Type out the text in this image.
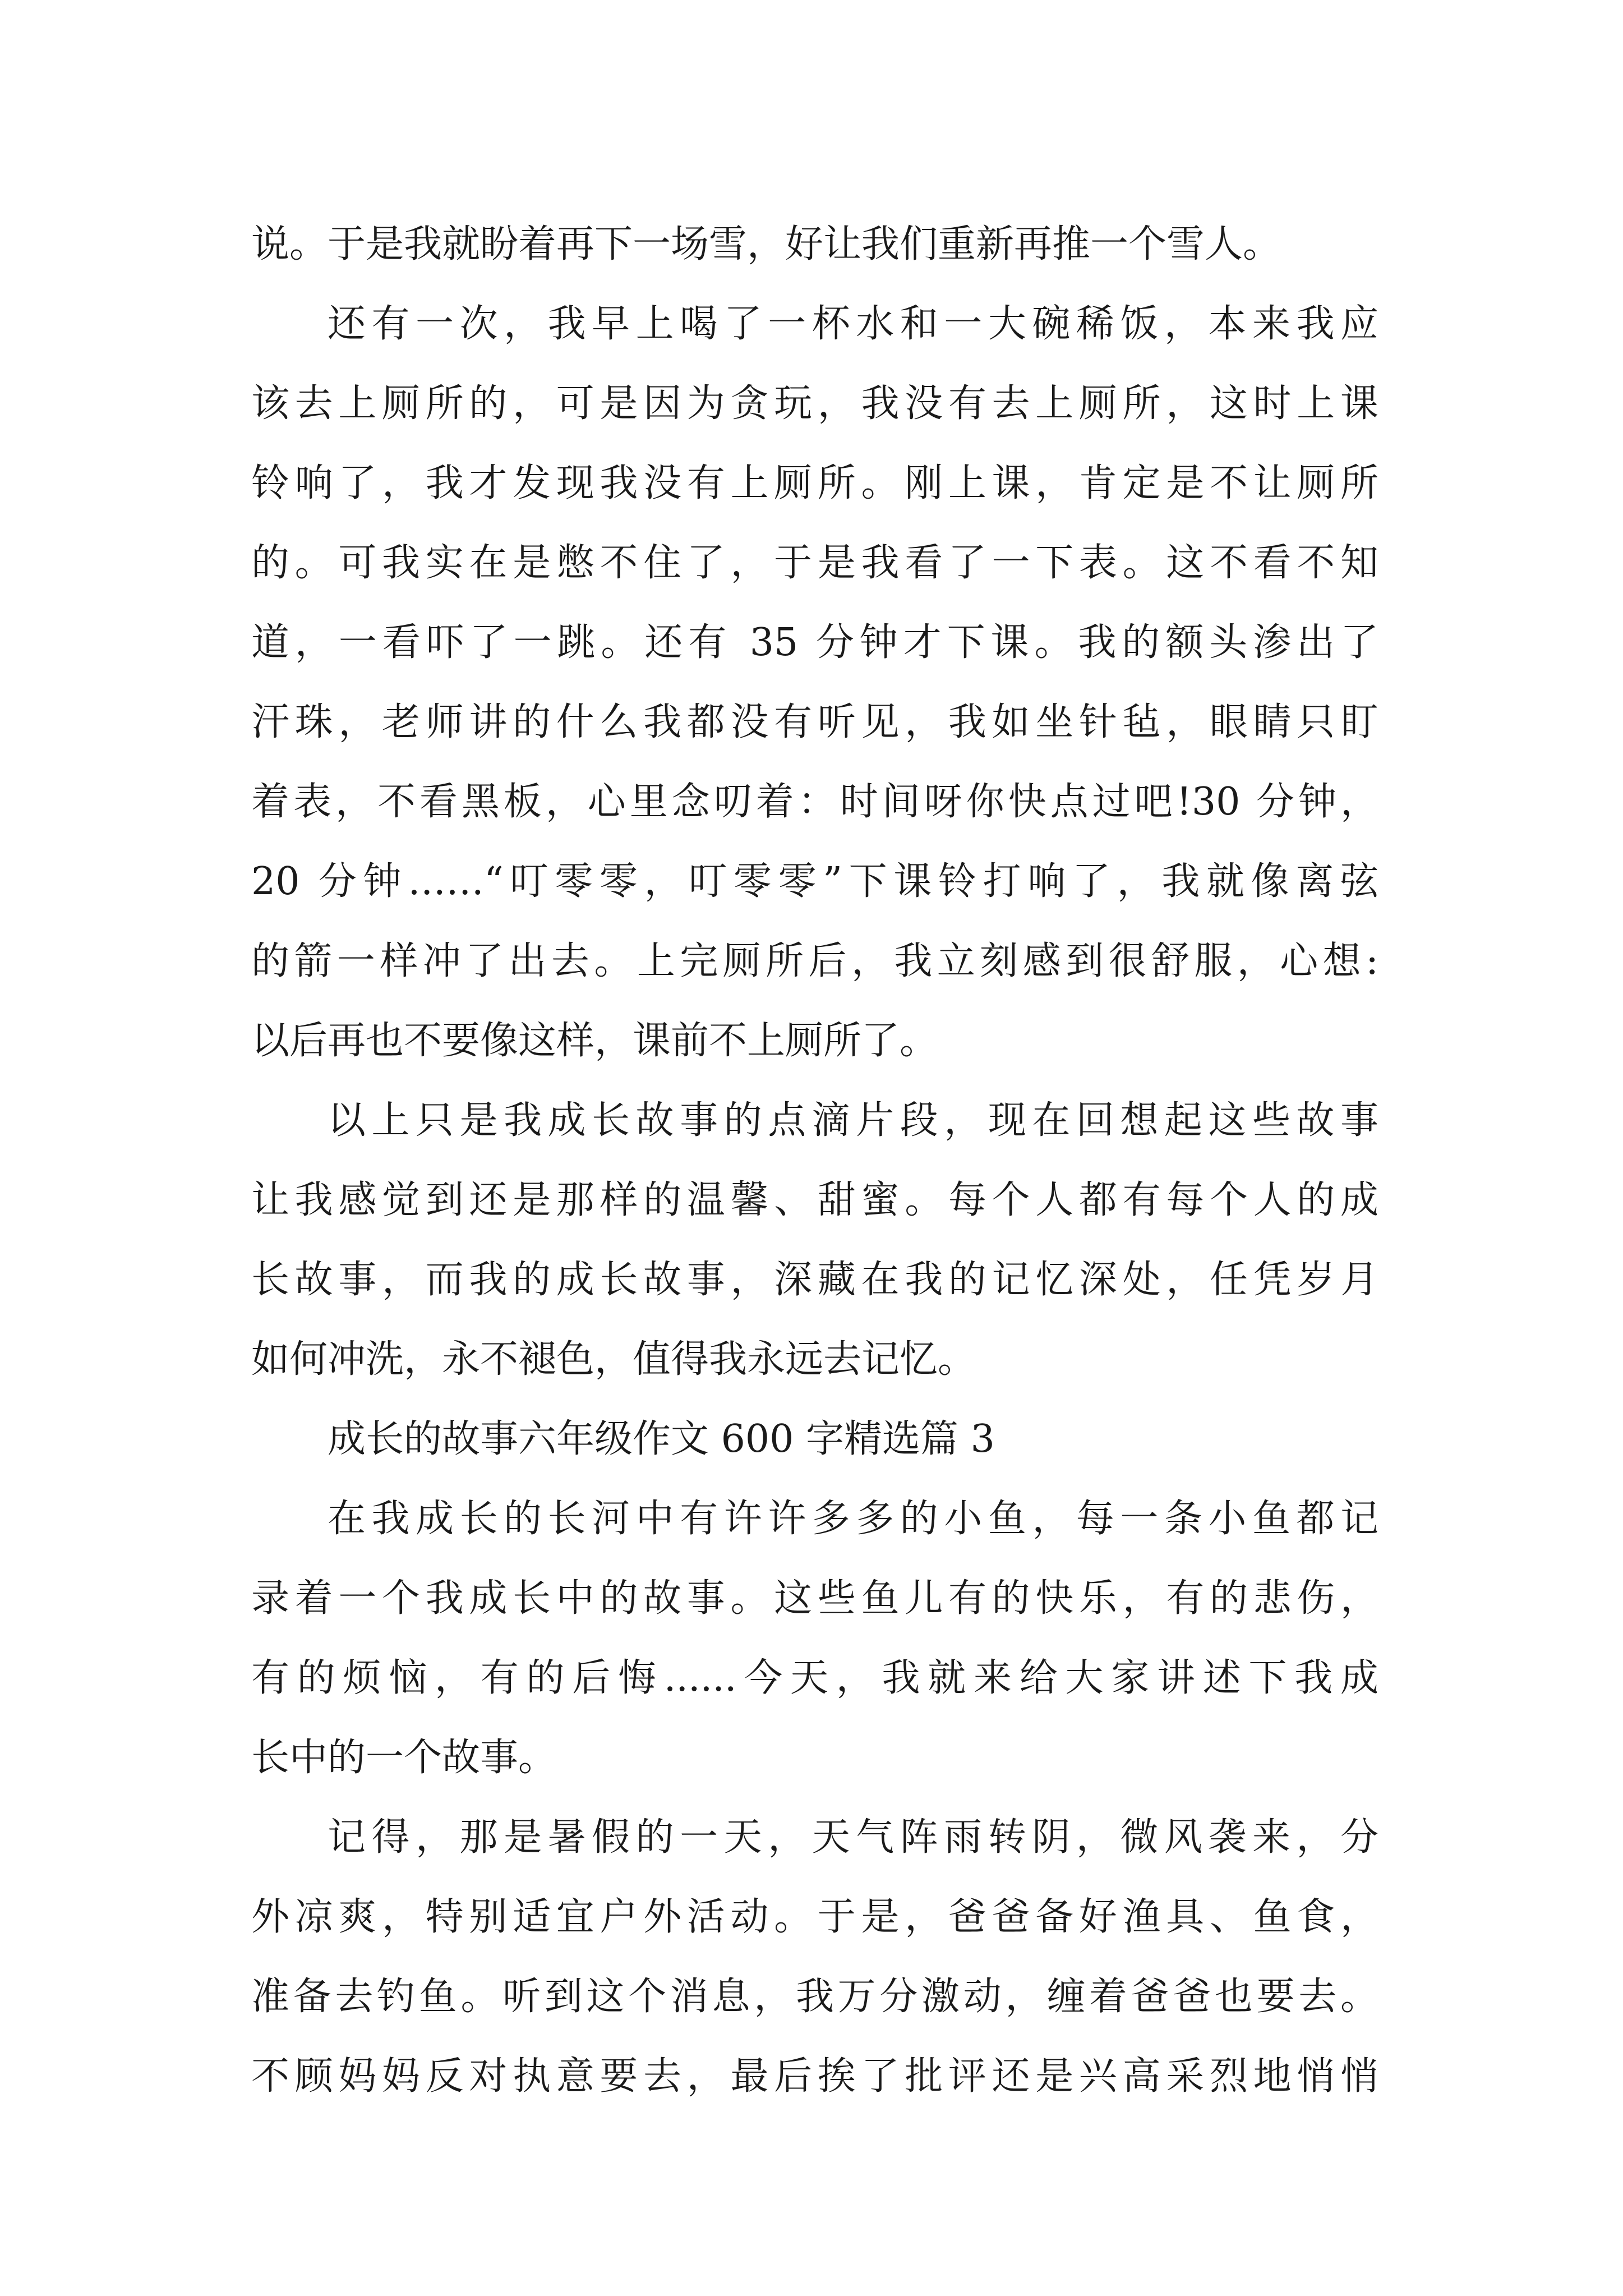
说。于是我就盼着再下一场雪，好让我们重新再推一个雪人。
还有一次，我早上喝了一杯水和一大碗稀饭，本来我应
该去上厕所的，可是因为贪玩，我没有去上厕所，这时上课
铃响了，我才发现我没有上厕所。刚上课，肯定是不让厕所
的。可我实在是憋不住了，于是我看了一下表。这不看不知
道，一看吓了一跳。还有 35 分钟才下课。我的额头渗出了
汗珠，老师讲的什么我都没有听见，我如坐针毡，眼睛只盯
着表，不看黑板，心里念叨着：时间呀你快点过吧!30 分钟，
20 分钟……“叮零零，叮零零”下课铃打响了，我就像离弦
的箭一样冲了出去。上完厕所后，我立刻感到很舒服，心想:
以后再也不要像这样，课前不上厕所了。
以上只是我成长故事的点滴片段，现在回想起这些故事
让我感觉到还是那样的温馨、甜蜜。每个人都有每个人的成
长故事，而我的成长故事，深藏在我的记忆深处，任凭岁月
如何冲洗，永不褪色，值得我永远去记忆。
成长的故事六年级作文 600 字精选篇 3
在我成长的长河中有许许多多的小鱼，每一条小鱼都记
录着一个我成长中的故事。这些鱼儿有的快乐，有的悲伤，
有的烦恼，有的后悔......今天，我就来给大家讲述下我成
长中的一个故事。
记得，那是暑假的一天，天气阵雨转阴，微风袭来，分
外凉爽，特别适宜户外活动。于是，爸爸备好渔具、鱼食，
准备去钓鱼。听到这个消息，我万分激动，缠着爸爸也要去。
不顾妈妈反对执意要去，最后挨了批评还是兴高采烈地悄悄
